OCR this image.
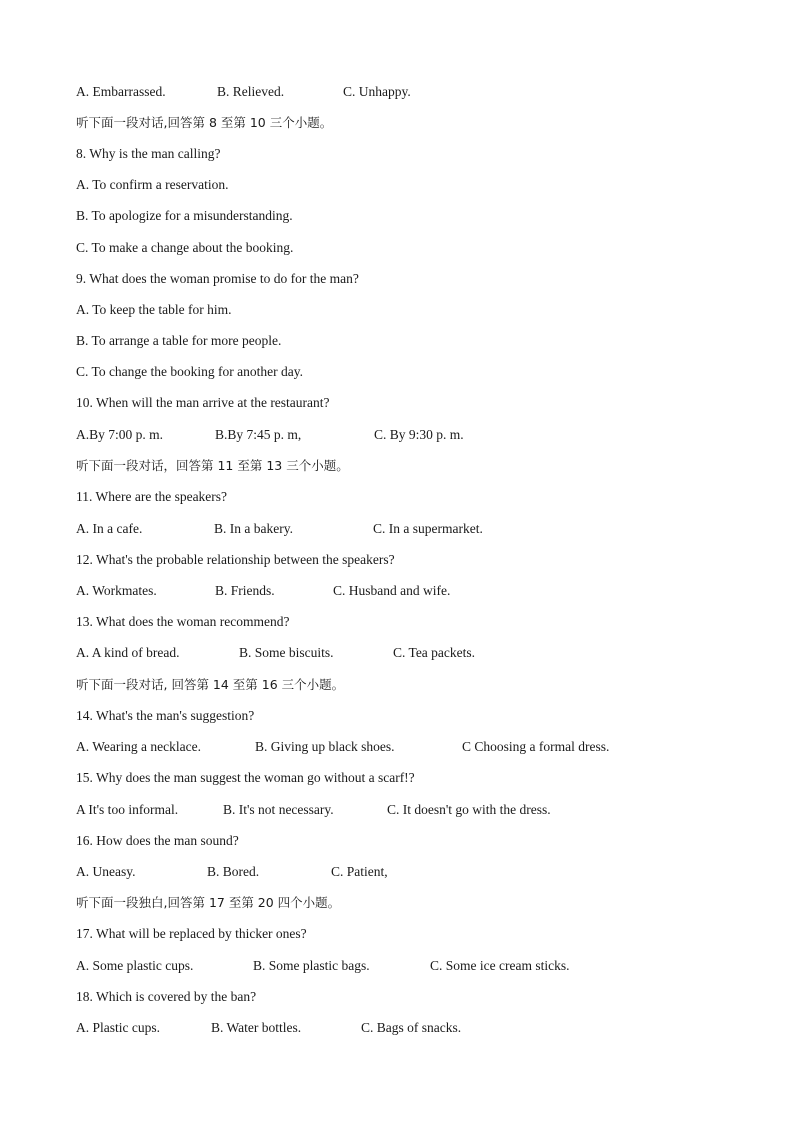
A. Embarrassed.	B. Relieved.	C. Unhappy.
听下面一段对话,回答第 8 至第 10 三个小题。
8. Why is the man calling?
A. To confirm a reservation.
B. To apologize for a misunderstanding.
C. To make a change about the booking.
9. What does the woman promise to do for the man?
A. To keep the table for him.
B. To arrange a table for more people.
C. To change the booking for another day.
10. When will the man arrive at the restaurant?
A.By 7:00 p. m.	B.By 7:45 p. m,	C. By 9:30 p. m.
听下面一段对话，回答第 11 至第 13 三个小题。
11. Where are the speakers?
A. In a cafe.	B. In a bakery.	C. In a supermarket.
12. What's the probable relationship between the speakers?
A. Workmates.	B. Friends.	C. Husband and wife.
13. What does the woman recommend?
A. A kind of bread.	B. Some biscuits.	C. Tea packets.
听下面一段对话, 回答第 14 至第 16 三个小题。
14. What's the man's suggestion?
A. Wearing a necklace.	B. Giving up black shoes.	C Choosing a formal dress.
15. Why does the man suggest the woman go without a scarf!?
A It's too informal.	B. It's not necessary.	C. It doesn't go with the dress.
16. How does the man sound?
A. Uneasy.	B. Bored.	C. Patient,
听下面一段独白,回答第 17 至第 20 四个小题。
17. What will be replaced by thicker ones?
A. Some plastic cups.	B. Some plastic bags.	C. Some ice cream sticks.
18. Which is covered by the ban?
A. Plastic cups.	B. Water bottles.	C. Bags of snacks.
